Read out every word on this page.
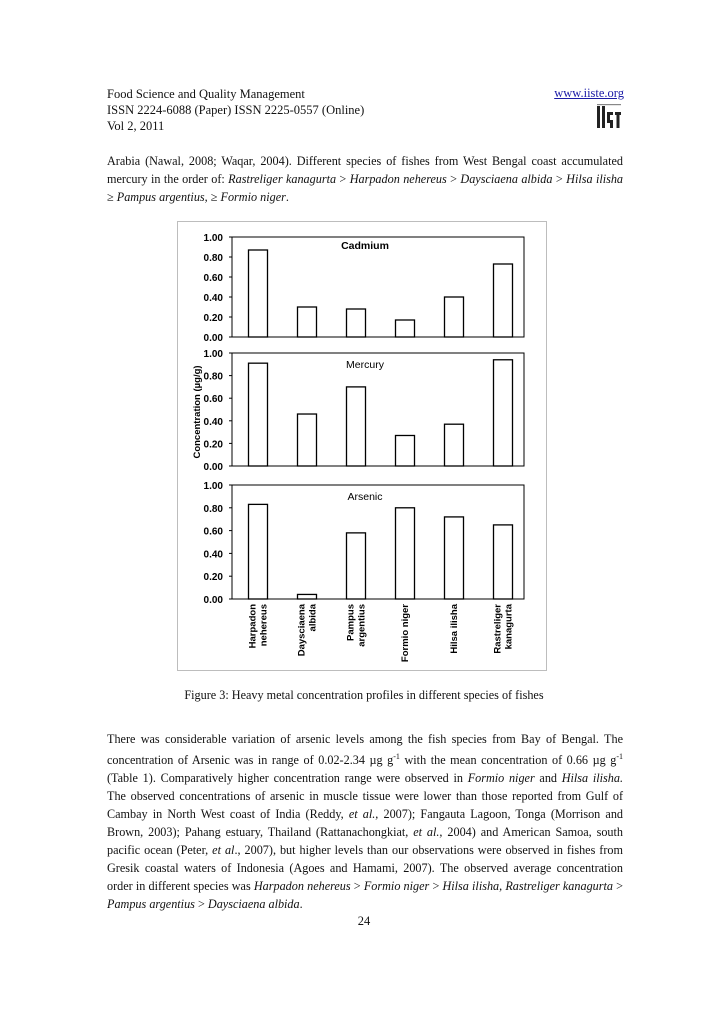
Food Science and Quality Management
ISSN 2224-6088 (Paper) ISSN 2225-0557 (Online)
Vol 2, 2011
www.iiste.org

Arabia (Nawal, 2008; Waqar, 2004). Different species of fishes from West Bengal coast accumulated mercury in the order of: Rastreliger kanagurta > Harpadon nehereus > Daysciaena albida > Hilsa ilisha ≥ Pampus argentius, ≥ Formio niger.

1.00
0.80
0.60
0.40
0.20
0.00
Cadmium
1.00
0.80
0.60
0.40
0.20
0.00
Mercury
1.00
0.80
0.60
0.40
0.20
0.00
Arsenic
Concentration (µg/g)
Harpadon nehereus	Daysciaena albida	Pampus argentius	Formio niger	Hilsa ilisha	Rastreliger kanagurta
Figure 3: Heavy metal concentration profiles in different species of fishes

There was considerable variation of arsenic levels among the fish species from Bay of Bengal. The concentration of Arsenic was in range of 0.02-2.34 µg $g^{-1}$ with the mean concentration of 0.66 µg $g^{-1}$ (Table 1). Comparatively higher concentration range were observed in Formio niger and Hilsa ilisha. The observed concentrations of arsenic in muscle tissue were lower than those reported from Gulf of Cambay in North West coast of India (Reddy, et al., 2007); Fangauta Lagoon, Tonga (Morrison and Brown, 2003); Pahang estuary, Thailand (Rattanachongkiat, et al., 2004) and American Samoa, south pacific ocean (Peter, et al., 2007), but higher levels than our observations were observed in fishes from Gresik coastal waters of Indonesia (Agoes and Hamami, 2007). The observed average concentration order in different species was Harpadon nehereus > Formio niger > Hilsa ilisha, Rastreliger kanagurta > Pampus argentius > Daysciaena albida.

24
